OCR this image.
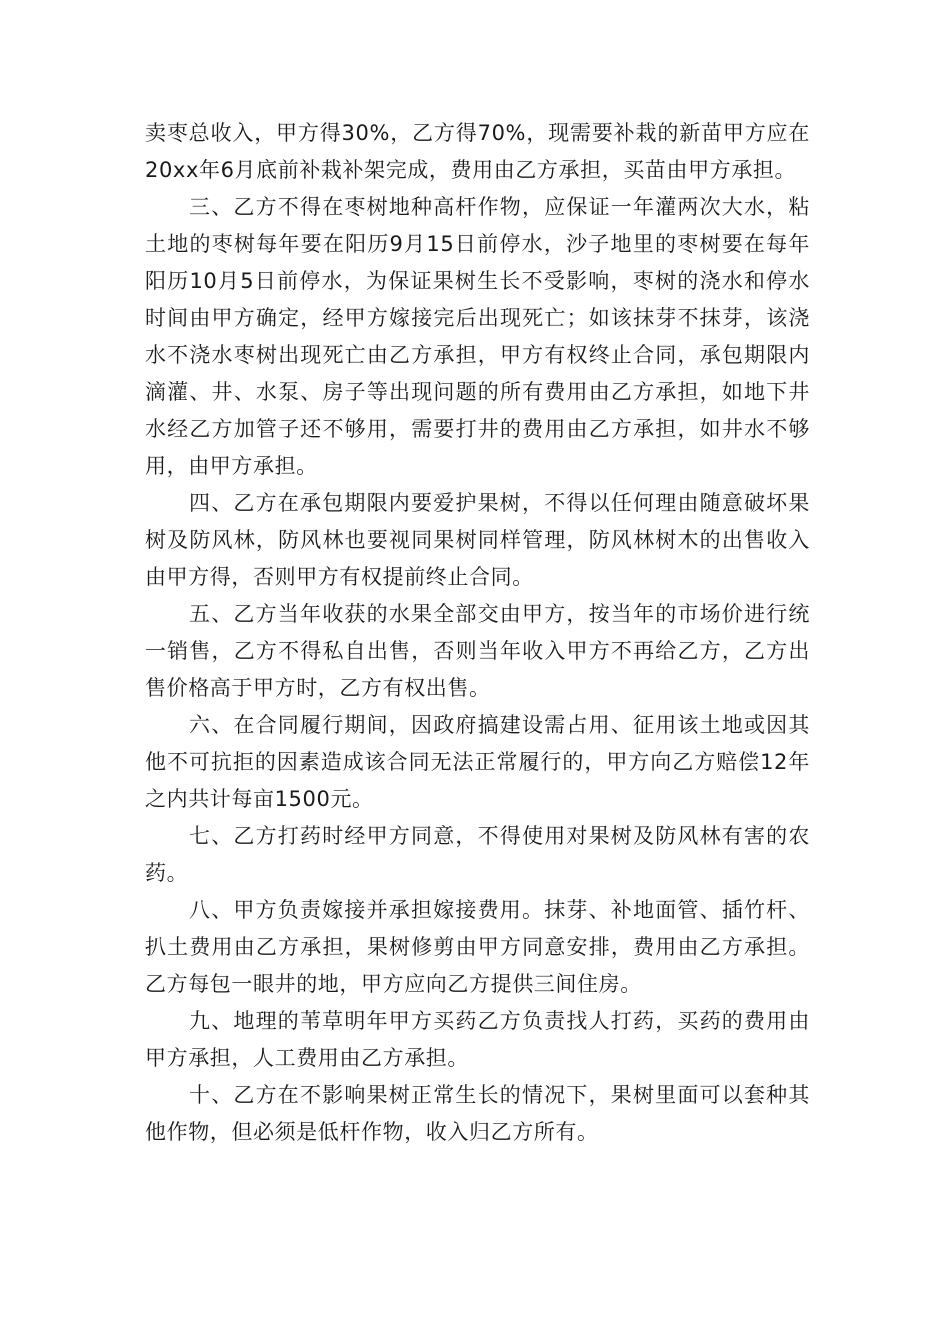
卖枣总收入，甲方得30%，乙方得70%，现需要补栽的新苗甲方应在20xx年6月底前补栽补架完成，费用由乙方承担，买苗由甲方承担。

三、乙方不得在枣树地种高杆作物，应保证一年灌两次大水，粘土地的枣树每年要在阳历9月15日前停水，沙子地里的枣树要在每年阳历10月5日前停水，为保证果树生长不受影响，枣树的浇水和停水时间由甲方确定，经甲方嫁接完后出现死亡；如该抹芽不抹芽，该浇水不浇水枣树出现死亡由乙方承担，甲方有权终止合同，承包期限内滴灌、井、水泵、房子等出现问题的所有费用由乙方承担，如地下井水经乙方加管子还不够用，需要打井的费用由乙方承担，如井水不够用，由甲方承担。

四、乙方在承包期限内要爱护果树，不得以任何理由随意破坏果树及防风林，防风林也要视同果树同样管理，防风林树木的出售收入由甲方得，否则甲方有权提前终止合同。

五、乙方当年收获的水果全部交由甲方，按当年的市场价进行统一销售，乙方不得私自出售，否则当年收入甲方不再给乙方，乙方出售价格高于甲方时，乙方有权出售。

六、在合同履行期间，因政府搞建设需占用、征用该土地或因其他不可抗拒的因素造成该合同无法正常履行的，甲方向乙方赔偿12年之内共计每亩1500元。

七、乙方打药时经甲方同意，不得使用对果树及防风林有害的农药。

八、甲方负责嫁接并承担嫁接费用。抹芽、补地面管、插竹杆、扒土费用由乙方承担，果树修剪由甲方同意安排，费用由乙方承担。乙方每包一眼井的地，甲方应向乙方提供三间住房。

九、地理的苇草明年甲方买药乙方负责找人打药，买药的费用由甲方承担，人工费用由乙方承担。

十、乙方在不影响果树正常生长的情况下，果树里面可以套种其他作物，但必须是低杆作物，收入归乙方所有。
